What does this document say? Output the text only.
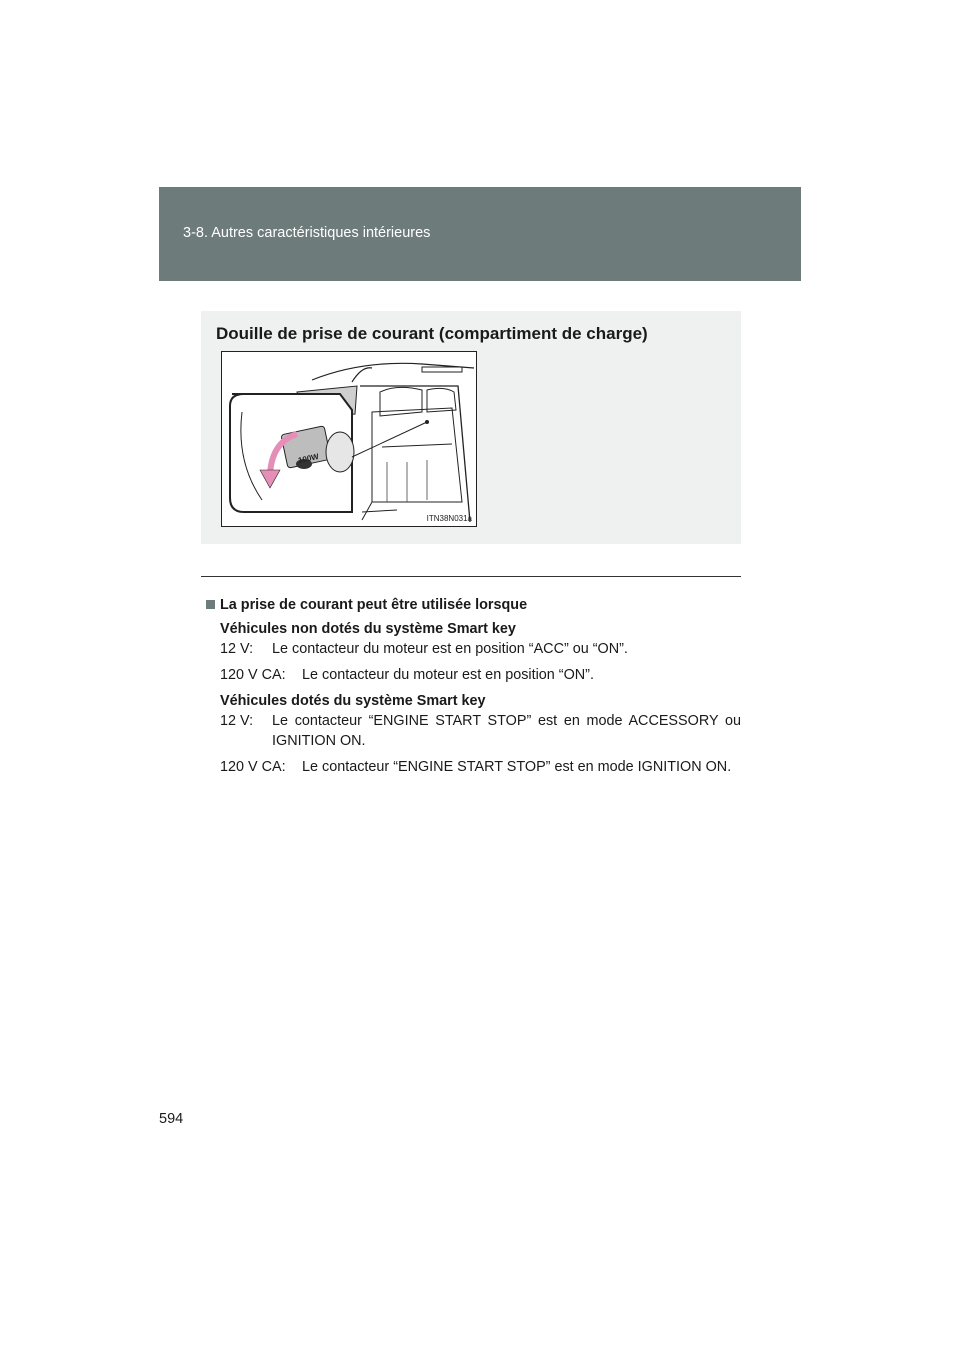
3-8. Autres caractéristiques intérieures
Douille de prise de courant (compartiment de charge)
100W
ITN38N031a
La prise de courant peut être utilisée lorsque
Véhicules non dotés du système Smart key
12 V:	Le contacteur du moteur est en position “ACC” ou “ON”.
120 V CA:	Le contacteur du moteur est en position “ON”.
Véhicules dotés du système Smart key
12 V:	Le contacteur “ENGINE START STOP” est en mode ACCESSORY ou IGNITION ON.
120 V CA:	Le contacteur “ENGINE START STOP” est en mode IGNITION ON.
594
